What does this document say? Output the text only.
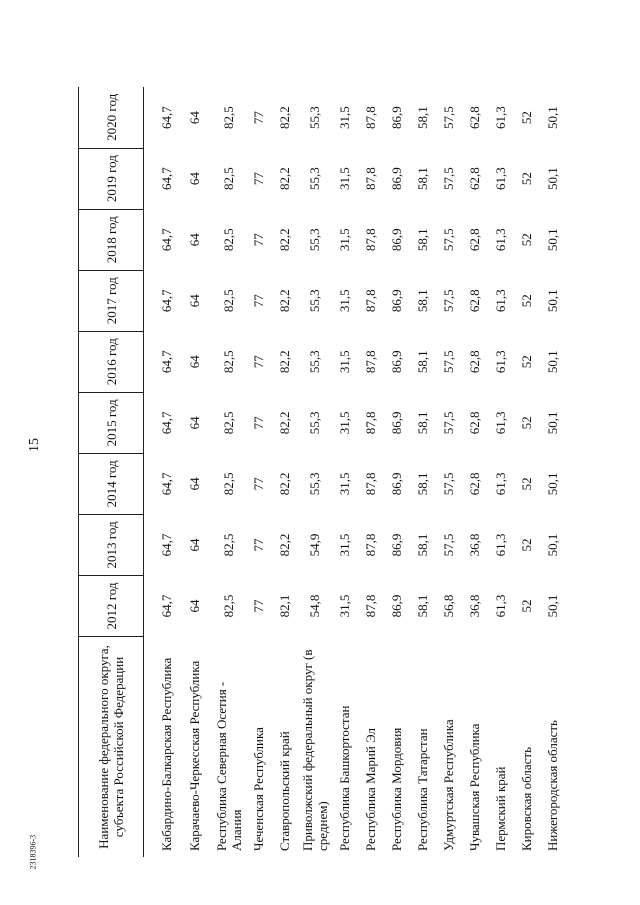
15
2318396-3
Наименование федерального округа, субъекта Российской Федерации	2012 год	2013 год	2014 год	2015 год	2016 год	2017 год	2018 год	2019 год	2020 год
Кабардино-Балкарская Республика	64,7	64,7	64,7	64,7	64,7	64,7	64,7	64,7	64,7
Карачаево-Черкесская Республика	64	64	64	64	64	64	64	64	64
Республика Северная Осетия - Алания	82,5	82,5	82,5	82,5	82,5	82,5	82,5	82,5	82,5
Чеченская Республика	77	77	77	77	77	77	77	77	77
Ставропольский край	82,1	82,2	82,2	82,2	82,2	82,2	82,2	82,2	82,2
Приволжский федеральный округ (в среднем)	54,8	54,9	55,3	55,3	55,3	55,3	55,3	55,3	55,3
Республика Башкортостан	31,5	31,5	31,5	31,5	31,5	31,5	31,5	31,5	31,5
Республика Марий Эл	87,8	87,8	87,8	87,8	87,8	87,8	87,8	87,8	87,8
Республика Мордовия	86,9	86,9	86,9	86,9	86,9	86,9	86,9	86,9	86,9
Республика Татарстан	58,1	58,1	58,1	58,1	58,1	58,1	58,1	58,1	58,1
Удмуртская Республика	56,8	57,5	57,5	57,5	57,5	57,5	57,5	57,5	57,5
Чувашская Республика	36,8	36,8	62,8	62,8	62,8	62,8	62,8	62,8	62,8
Пермский край	61,3	61,3	61,3	61,3	61,3	61,3	61,3	61,3	61,3
Кировская область	52	52	52	52	52	52	52	52	52
Нижегородская область	50,1	50,1	50,1	50,1	50,1	50,1	50,1	50,1	50,1
